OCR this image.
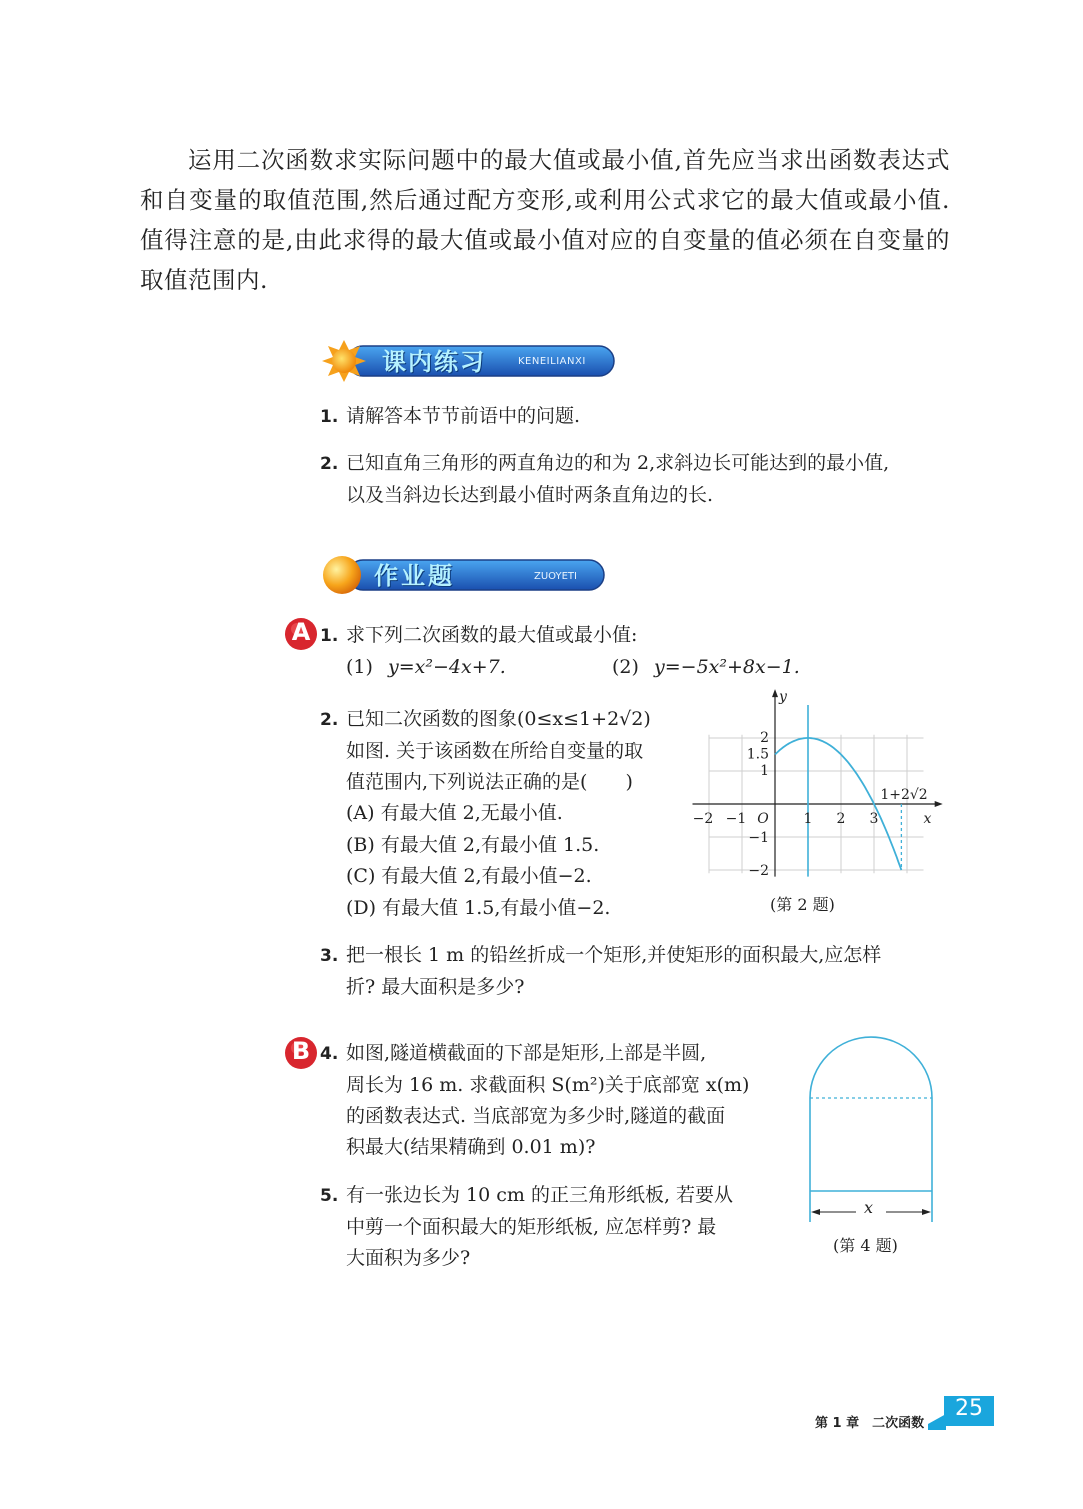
运用二次函数求实际问题中的最大值或最小值,首先应当求出函数表达式和自变量的取值范围,然后通过配方变形,或利用公式求它的最大值或最小值.值得注意的是,由此求得的最大值或最小值对应的自变量的值必须在自变量的取值范围内.

课内练习	KENEILIANXI
1. 请解答本节节前语中的问题.
2. 已知直角三角形的两直角边的和为 2,求斜边长可能达到的最小值,
以及当斜边长达到最小值时两条直角边的长.
作业题	ZUOYETI
A 1. 求下列二次函数的最大值或最小值:
(1) y=x²−4x+7.	(2) y=−5x²+8x−1.
2. 已知二次函数的图象(0≤x≤1+2√2)
如图. 关于该函数在所给自变量的取
值范围内,下列说法正确的是(　　)
(A) 有最大值 2,无最小值.
(B) 有最大值 2,有最小值 1.5.
(C) 有最大值 2,有最小值−2.
(D) 有最大值 1.5,有最小值−2.
−2 −1	1 2 3
2
1.5
1
−1
−2
O	x
y
1+2√2
(第 2 题)
3. 把一根长 1 m 的铅丝折成一个矩形,并使矩形的面积最大,应怎样
折? 最大面积是多少?
B 4. 如图,隧道横截面的下部是矩形,上部是半圆,
周长为 16 m. 求截面积 S(m²)关于底部宽 x(m)
的函数表达式. 当底部宽为多少时,隧道的截面
积最大(结果精确到 0.01 m)?
x
(第 4 题)
5. 有一张边长为 10 cm 的正三角形纸板, 若要从
中剪一个面积最大的矩形纸板, 应怎样剪? 最
大面积为多少?
第 1 章　二次函数
25
